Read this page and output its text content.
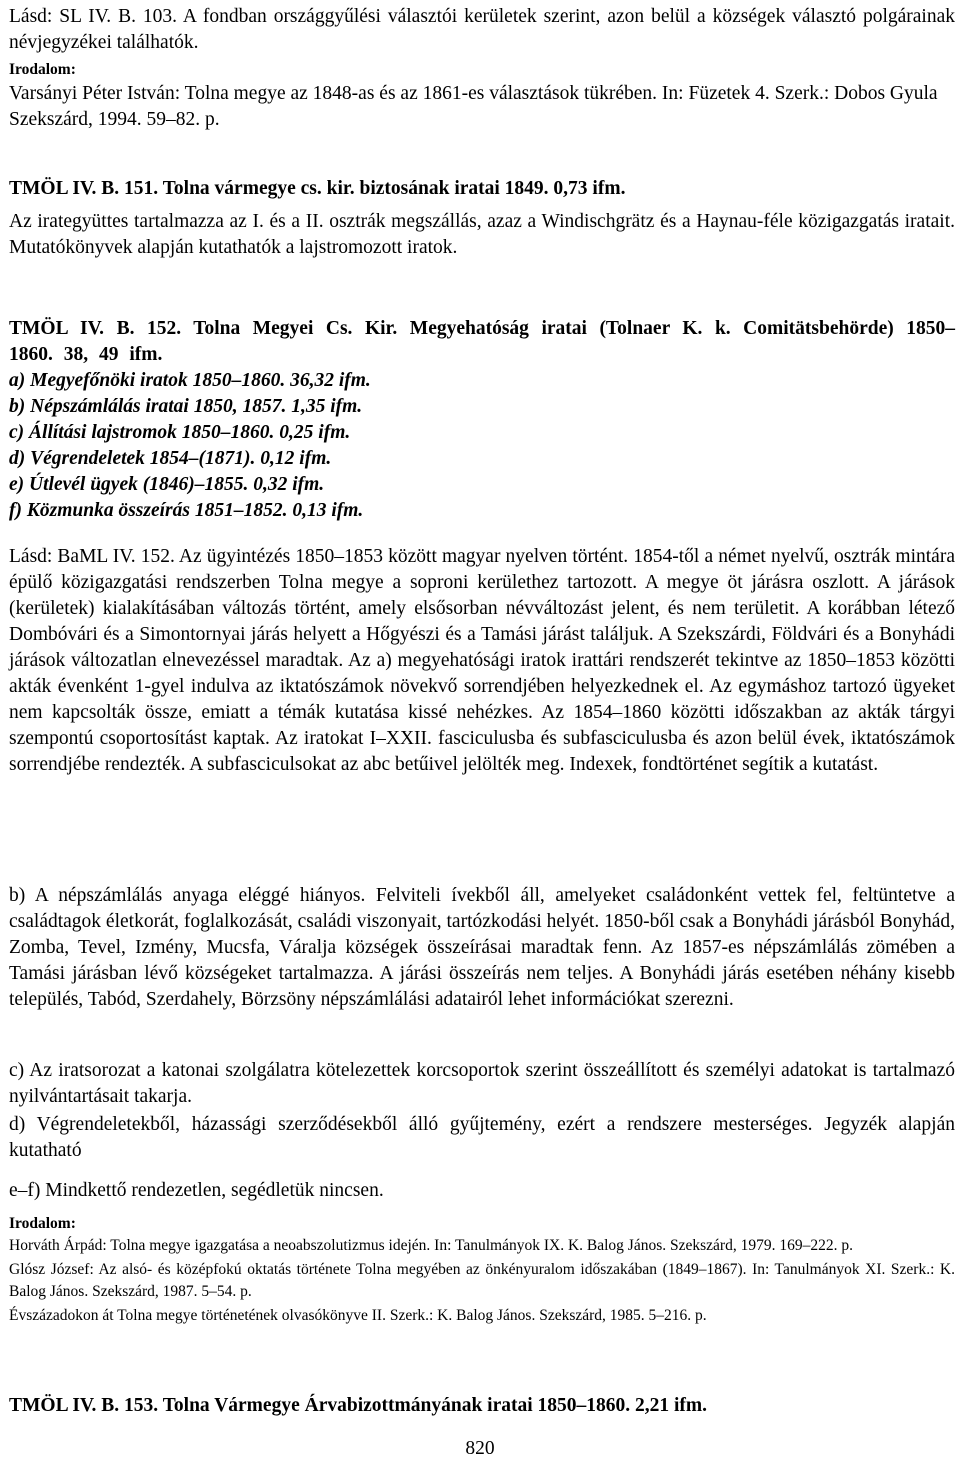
Lásd: SL IV. B. 103. A fondban országgyűlési választói kerületek szerint, azon belül a községek választó polgárainak névjegyzékei találhatók.

Irodalom:

Varsányi Péter István: Tolna megye az 1848-as és az 1861-es választások tükrében. In: Füzetek 4. Szerk.: Dobos Gyula Szekszárd, 1994. 59–82. p.

TMÖL IV. B. 151. Tolna vármegye cs. kir. biztosának iratai 1849. 0,73 ifm.

Az irategyüttes tartalmazza az I. és a II. osztrák megszállás, azaz a Windischgrätz és a Haynau-féle közigazgatás iratait. Mutatókönyvek alapján kutathatók a lajstromozott iratok.

TMÖL IV. B. 152. Tolna Megyei Cs. Kir. Megyehatóság iratai (Tolnaer K. k. Comitätsbehörde) 1850–1860. 38, 49 ifm.

a) Megyefőnöki iratok 1850–1860. 36,32 ifm.

b) Népszámlálás iratai 1850, 1857. 1,35 ifm.

c) Állítási lajstromok 1850–1860. 0,25 ifm.

d) Végrendeletek 1854–(1871). 0,12 ifm.

e) Útlevél ügyek (1846)–1855. 0,32 ifm.

f) Közmunka összeírás 1851–1852. 0,13 ifm.

Lásd: BaML IV. 152. Az ügyintézés 1850–1853 között magyar nyelven történt. 1854-től a német nyelvű, osztrák mintára épülő közigazgatási rendszerben Tolna megye a soproni kerülethez tartozott. A megye öt járásra oszlott. A járások (kerületek) kialakításában változás történt, amely elsősorban névváltozást jelent, és nem területit. A korábban létező Dombóvári és a Simontornyai járás helyett a Hőgyészi és a Tamási járást találjuk. A Szekszárdi, Földvári és a Bonyhádi járások változatlan elnevezéssel maradtak. Az a) megyehatósági iratok irattári rendszerét tekintve az 1850–1853 közötti akták évenként 1-gyel indulva az iktatószámok növekvő sorrendjében helyezkednek el. Az egymáshoz tartozó ügyeket nem kapcsolták össze, emiatt a témák kutatása kissé nehézkes. Az 1854–1860 közötti időszakban az akták tárgyi szempontú csoportosítást kaptak. Az iratokat I–XXII. fasciculusba és subfasciculusba és azon belül évek, iktatószámok sorrendjébe rendezték. A subfasciculsokat az abc betűivel jelölték meg. Indexek, fondtörténet segítik a kutatást.

b) A népszámlálás anyaga eléggé hiányos. Felviteli ívekből áll, amelyeket családonként vettek fel, feltüntetve a családtagok életkorát, foglalkozását, családi viszonyait, tartózkodási helyét. 1850-ből csak a Bonyhádi járásból Bonyhád, Zomba, Tevel, Izmény, Mucsfa, Váralja községek összeírásai maradtak fenn. Az 1857-es népszámlálás zömében a Tamási járásban lévő községeket tartalmazza. A járási összeírás nem teljes. A Bonyhádi járás esetében néhány kisebb település, Tabód, Szerdahely, Börzsöny népszámlálási adatairól lehet információkat szerezni.

c) Az iratsorozat a katonai szolgálatra kötelezettek korcsoportok szerint összeállított és személyi adatokat is tartalmazó nyilvántartásait takarja.

d) Végrendeletekből, házassági szerződésekből álló gyűjtemény, ezért a rendszere mesterséges. Jegyzék alapján kutatható

e–f) Mindkettő rendezetlen, segédletük nincsen.

Irodalom:

Horváth Árpád: Tolna megye igazgatása a neoabszolutizmus idején. In: Tanulmányok IX. K. Balog János. Szekszárd, 1979. 169–222. p.

Glósz József: Az alsó- és középfokú oktatás története Tolna megyében az önkényuralom időszakában (1849–1867). In: Tanulmányok XI. Szerk.: K. Balog János. Szekszárd, 1987. 5–54. p.

Évszázadokon át Tolna megye történetének olvasókönyve II. Szerk.: K. Balog János. Szekszárd, 1985. 5–216. p.

TMÖL IV. B. 153. Tolna Vármegye Árvabizottmányának iratai 1850–1860. 2,21 ifm.

820
